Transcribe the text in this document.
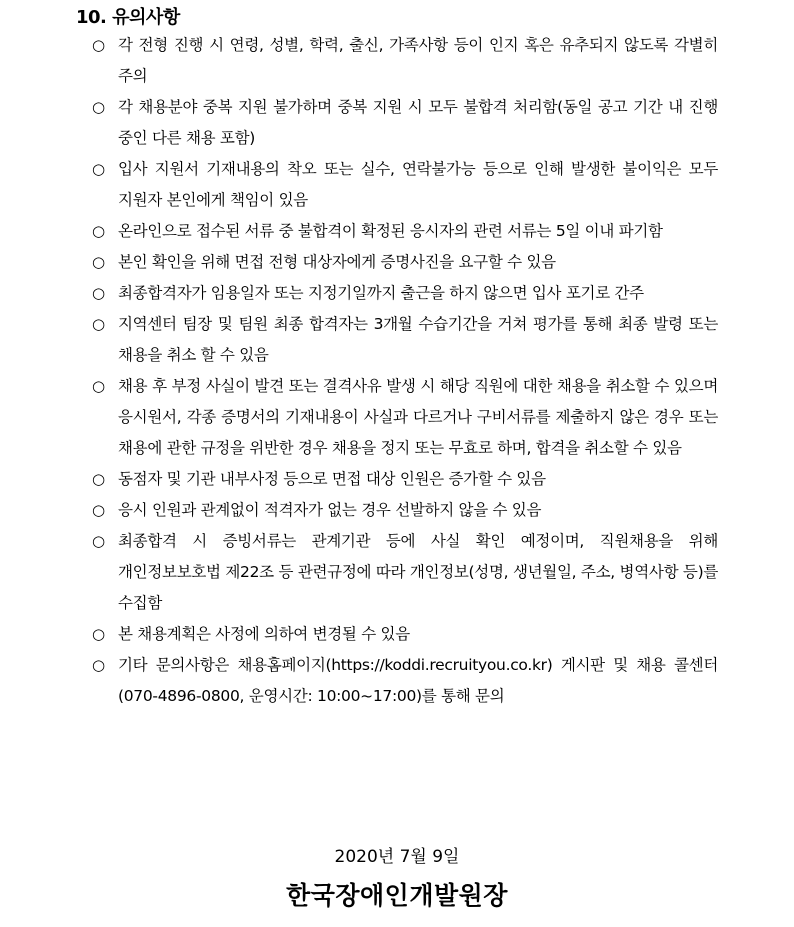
10. 유의사항
○ 각 전형 진행 시 연령, 성별, 학력, 출신, 가족사항 등이 인지 혹은 유추되지 않도록 각별히 주의
○ 각 채용분야 중복 지원 불가하며 중복 지원 시 모두 불합격 처리함(동일 공고 기간 내 진행 중인 다른 채용 포함)
○ 입사 지원서 기재내용의 착오 또는 실수, 연락불가능 등으로 인해 발생한 불이익은 모두 지원자 본인에게 책임이 있음
○ 온라인으로 접수된 서류 중 불합격이 확정된 응시자의 관련 서류는 5일 이내 파기함
○ 본인 확인을 위해 면접 전형 대상자에게 증명사진을 요구할 수 있음
○ 최종합격자가 임용일자 또는 지정기일까지 출근을 하지 않으면 입사 포기로 간주
○ 지역센터 팀장 및 팀원 최종 합격자는 3개월 수습기간을 거쳐 평가를 통해 최종 발령 또는 채용을 취소 할 수 있음
○ 채용 후 부정 사실이 발견 또는 결격사유 발생 시 해당 직원에 대한 채용을 취소할 수 있으며 응시원서, 각종 증명서의 기재내용이 사실과 다르거나 구비서류를 제출하지 않은 경우 또는 채용에 관한 규정을 위반한 경우 채용을 정지 또는 무효로 하며, 합격을 취소할 수 있음
○ 동점자 및 기관 내부사정 등으로 면접 대상 인원은 증가할 수 있음
○ 응시 인원과 관계없이 적격자가 없는 경우 선발하지 않을 수 있음
○ 최종합격 시 증빙서류는 관계기관 등에 사실 확인 예정이며, 직원채용을 위해 개인정보보호법 제22조 등 관련규정에 따라 개인정보(성명, 생년월일, 주소, 병역사항 등)를 수집함
○ 본 채용계획은 사정에 의하여 변경될 수 있음
○ 기타 문의사항은 채용홈페이지(https://koddi.recruityou.co.kr) 게시판 및 채용 콜센터(070-4896-0800, 운영시간: 10:00~17:00)를 통해 문의
2020년 7월 9일
한국장애인개발원장
